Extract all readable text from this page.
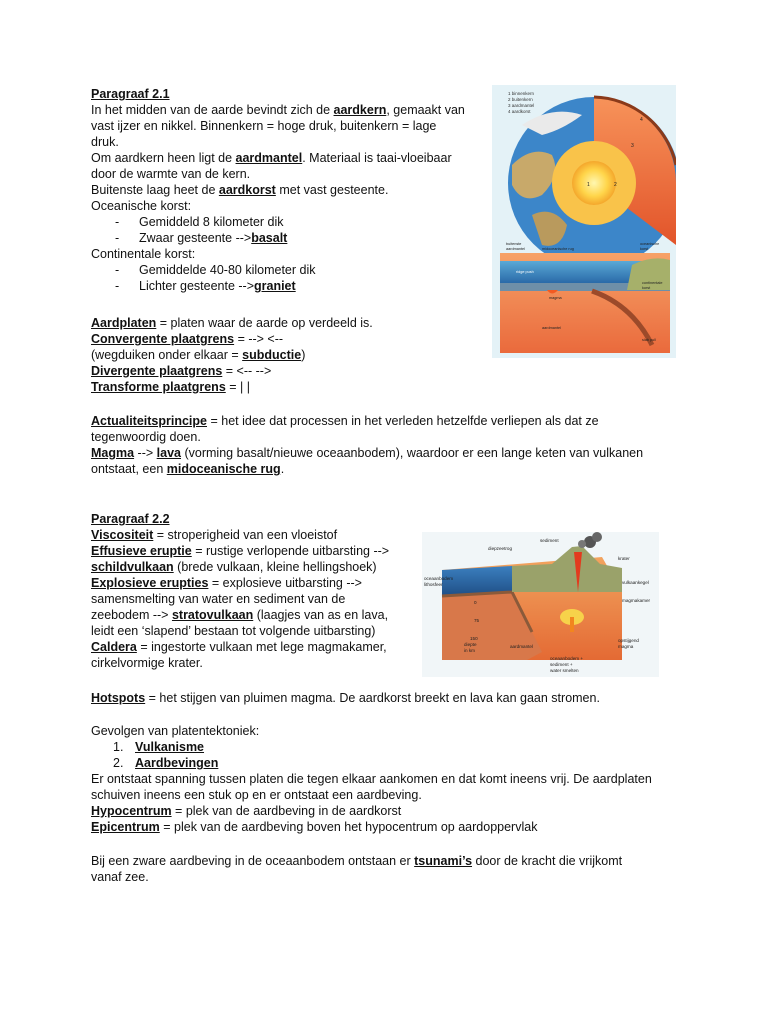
Paragraaf 2.1

In het midden van de aarde bevindt zich de aardkern, gemaakt van

vast ijzer en nikkel. Binnenkern = hoge druk, buitenkern = lage

druk.

Om aardkern heen ligt de aardmantel. Materiaal is taai-vloeibaar

door de warmte van de kern.

Buitenste laag heet de aardkorst met vast gesteente.

Oceanische korst:

-	Gemiddeld 8 kilometer dik
-	Zwaar gesteente --> basalt

Continentale korst:

-	Gemiddelde 40-80 kilometer dik
-	Lichter gesteente --> graniet

Aardplaten = platen waar de aarde op verdeeld is.

Convergente plaatgrens = --> <--

(wegduiken onder elkaar = subductie)

Divergente plaatgrens = <-- -->

Transforme plaatgrens = | |

Actualiteitsprincipe = het idee dat processen in het verleden hetzelfde verliepen als dat ze

tegenwoordig doen.

Magma --> lava (vorming basalt/nieuwe oceaanbodem), waardoor er een lange keten van vulkanen

ontstaat, een midoceanische rug.

Paragraaf 2.2

Viscositeit = stroperigheid van een vloeistof

Effusieve eruptie = rustige verlopende uitbarsting -->

schildvulkaan (brede vulkaan, kleine hellingshoek)

Explosieve erupties = explosieve uitbarsting -->

samensmelting van water en sediment van de

zeebodem --> stratovulkaan (laagjes van as en lava,

leidt een ‘slapend’ bestaan tot volgende uitbarsting)

Caldera = ingestorte vulkaan met lege magmakamer,

cirkelvormige krater.

Hotspots = het stijgen van pluimen magma. De aardkorst breekt en lava kan gaan stromen.

Gevolgen van platentektoniek:

1. Vulkanisme
2. Aardbevingen

Er ontstaat spanning tussen platen die tegen elkaar aankomen en dat komt ineens vrij. De aardplaten

schuiven ineens een stuk op en er ontstaat een aardbeving.

Hypocentrum = plek van de aardbeving in de aardkorst

Epicentrum = plek van de aardbeving boven het hypocentrum op aardoppervlak

Bij een zware aardbeving in de oceaanbodem ontstaan er tsunami’s door de kracht die vrijkomt

vanaf zee.

1 binnenkern
2 buitenkern
3 aardmantel
4 aardkorst
1	2
3
4
buitenste
aardmantel	midoceanische rug
oceanische
korst
ridge push
magma
continentale
korst
aardmantel
slab pull
sediment
diepzeetrog
krater
oceaanbodem
lithosfeer	vulkaankegel
magmakamer
0
75
150
diepte
in km
aardmantel
opstijgend
magma
oceaanbodem +
sediment +
water smelten
